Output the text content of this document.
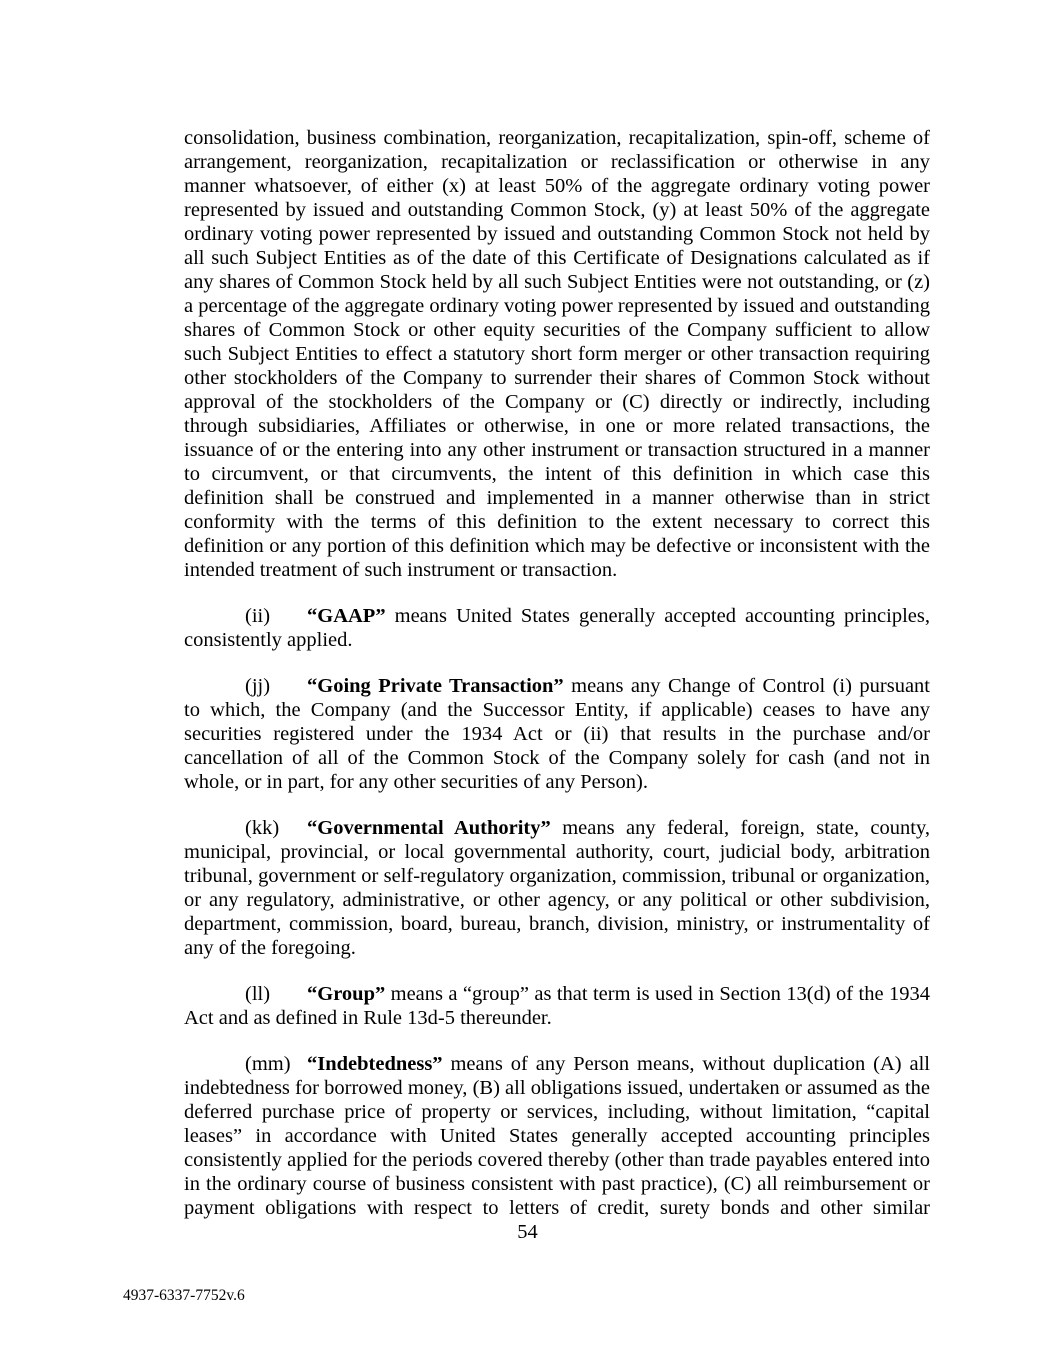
consolidation, business combination, reorganization, recapitalization, spin-off, scheme of arrangement, reorganization, recapitalization or reclassification or otherwise in any manner whatsoever, of either (x) at least 50% of the aggregate ordinary voting power represented by issued and outstanding Common Stock, (y) at least 50% of the aggregate ordinary voting power represented by issued and outstanding Common Stock not held by all such Subject Entities as of the date of this Certificate of Designations calculated as if any shares of Common Stock held by all such Subject Entities were not outstanding, or (z) a percentage of the aggregate ordinary voting power represented by issued and outstanding shares of Common Stock or other equity securities of the Company sufficient to allow such Subject Entities to effect a statutory short form merger or other transaction requiring other stockholders of the Company to surrender their shares of Common Stock without approval of the stockholders of the Company or (C) directly or indirectly, including through subsidiaries, Affiliates or otherwise, in one or more related transactions, the issuance of or the entering into any other instrument or transaction structured in a manner to circumvent, or that circumvents, the intent of this definition in which case this definition shall be construed and implemented in a manner otherwise than in strict conformity with the terms of this definition to the extent necessary to correct this definition or any portion of this definition which may be defective or inconsistent with the intended treatment of such instrument or transaction.

(ii) “GAAP” means United States generally accepted accounting principles, consistently applied.

(jj) “Going Private Transaction” means any Change of Control (i) pursuant to which, the Company (and the Successor Entity, if applicable) ceases to have any securities registered under the 1934 Act or (ii) that results in the purchase and/or cancellation of all of the Common Stock of the Company solely for cash (and not in whole, or in part, for any other securities of any Person).

(kk) “Governmental Authority” means any federal, foreign, state, county, municipal, provincial, or local governmental authority, court, judicial body, arbitration tribunal, government or self-regulatory organization, commission, tribunal or organization, or any regulatory, administrative, or other agency, or any political or other subdivision, department, commission, board, bureau, branch, division, ministry, or instrumentality of any of the foregoing.

(ll) “Group” means a “group” as that term is used in Section 13(d) of the 1934 Act and as defined in Rule 13d-5 thereunder.

(mm) “Indebtedness” means of any Person means, without duplication (A) all indebtedness for borrowed money, (B) all obligations issued, undertaken or assumed as the deferred purchase price of property or services, including, without limitation, “capital leases” in accordance with United States generally accepted accounting principles consistently applied for the periods covered thereby (other than trade payables entered into in the ordinary course of business consistent with past practice), (C) all reimbursement or payment obligations with respect to letters of credit, surety bonds and other similar

54
4937-6337-7752v.6
